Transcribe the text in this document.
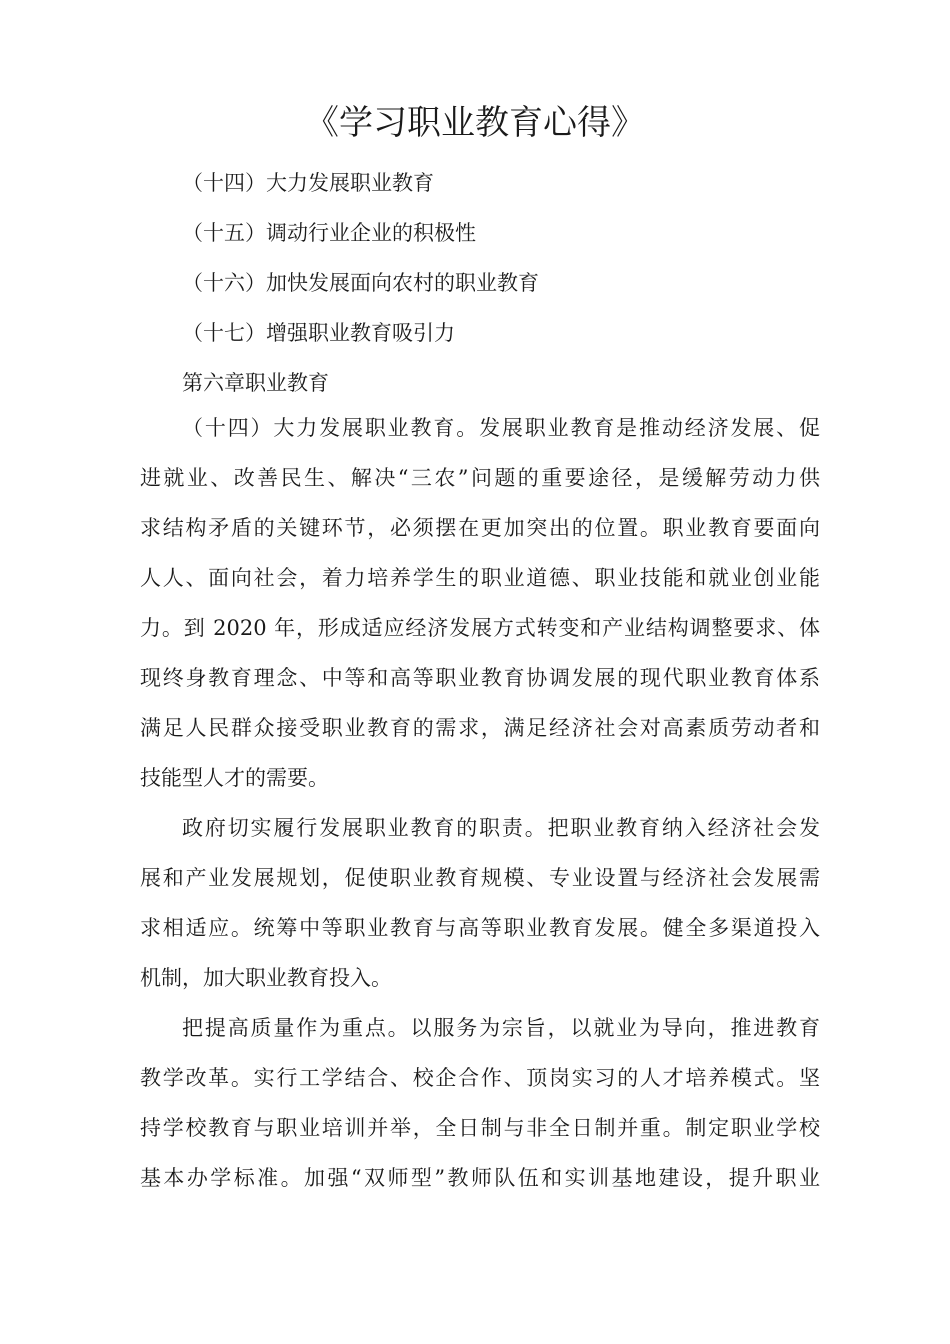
《学习职业教育心得》
（十四）大力发展职业教育
（十五）调动行业企业的积极性
（十六）加快发展面向农村的职业教育
（十七）增强职业教育吸引力
第六章职业教育
（十四）大力发展职业教育。发展职业教育是推动经济发展、促
进就业、改善民生、解决“三农”问题的重要途径，是缓解劳动力供
求结构矛盾的关键环节，必须摆在更加突出的位置。职业教育要面向
人人、面向社会，着力培养学生的职业道德、职业技能和就业创业能
力。到 2020 年，形成适应经济发展方式转变和产业结构调整要求、体
现终身教育理念、中等和高等职业教育协调发展的现代职业教育体系
满足人民群众接受职业教育的需求，满足经济社会对高素质劳动者和
技能型人才的需要。
政府切实履行发展职业教育的职责。把职业教育纳入经济社会发
展和产业发展规划，促使职业教育规模、专业设置与经济社会发展需
求相适应。统筹中等职业教育与高等职业教育发展。健全多渠道投入
机制，加大职业教育投入。
把提高质量作为重点。以服务为宗旨，以就业为导向，推进教育
教学改革。实行工学结合、校企合作、顶岗实习的人才培养模式。坚
持学校教育与职业培训并举，全日制与非全日制并重。制定职业学校
基本办学标准。加强“双师型”教师队伍和实训基地建设，提升职业
